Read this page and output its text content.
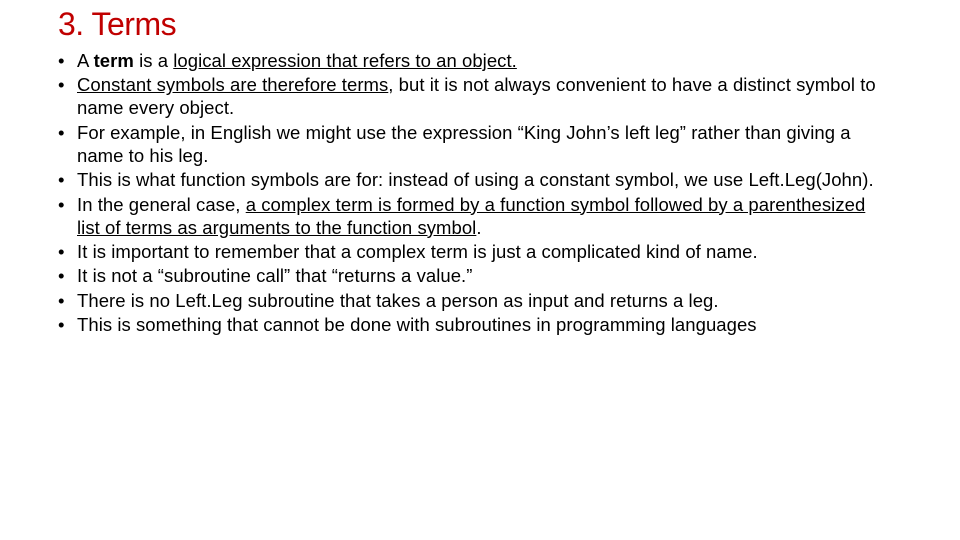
3. Terms
• A term is a logical expression that refers to an object.
• Constant symbols are therefore terms, but it is not always convenient to have a distinct symbol to name every object.
• For example, in English we might use the expression “King John’s left leg” rather than giving a name to his leg.
• This is what function symbols are for: instead of using a constant symbol, we use Left.Leg(John).
• In the general case, a complex term is formed by a function symbol followed by a parenthesized list of terms as arguments to the function symbol.
• It is important to remember that a complex term is just a complicated kind of name.
• It is not a “subroutine call” that “returns a value.”
• There is no Left.Leg subroutine that takes a person as input and returns a leg.
• This is something that cannot be done with subroutines in programming languages
